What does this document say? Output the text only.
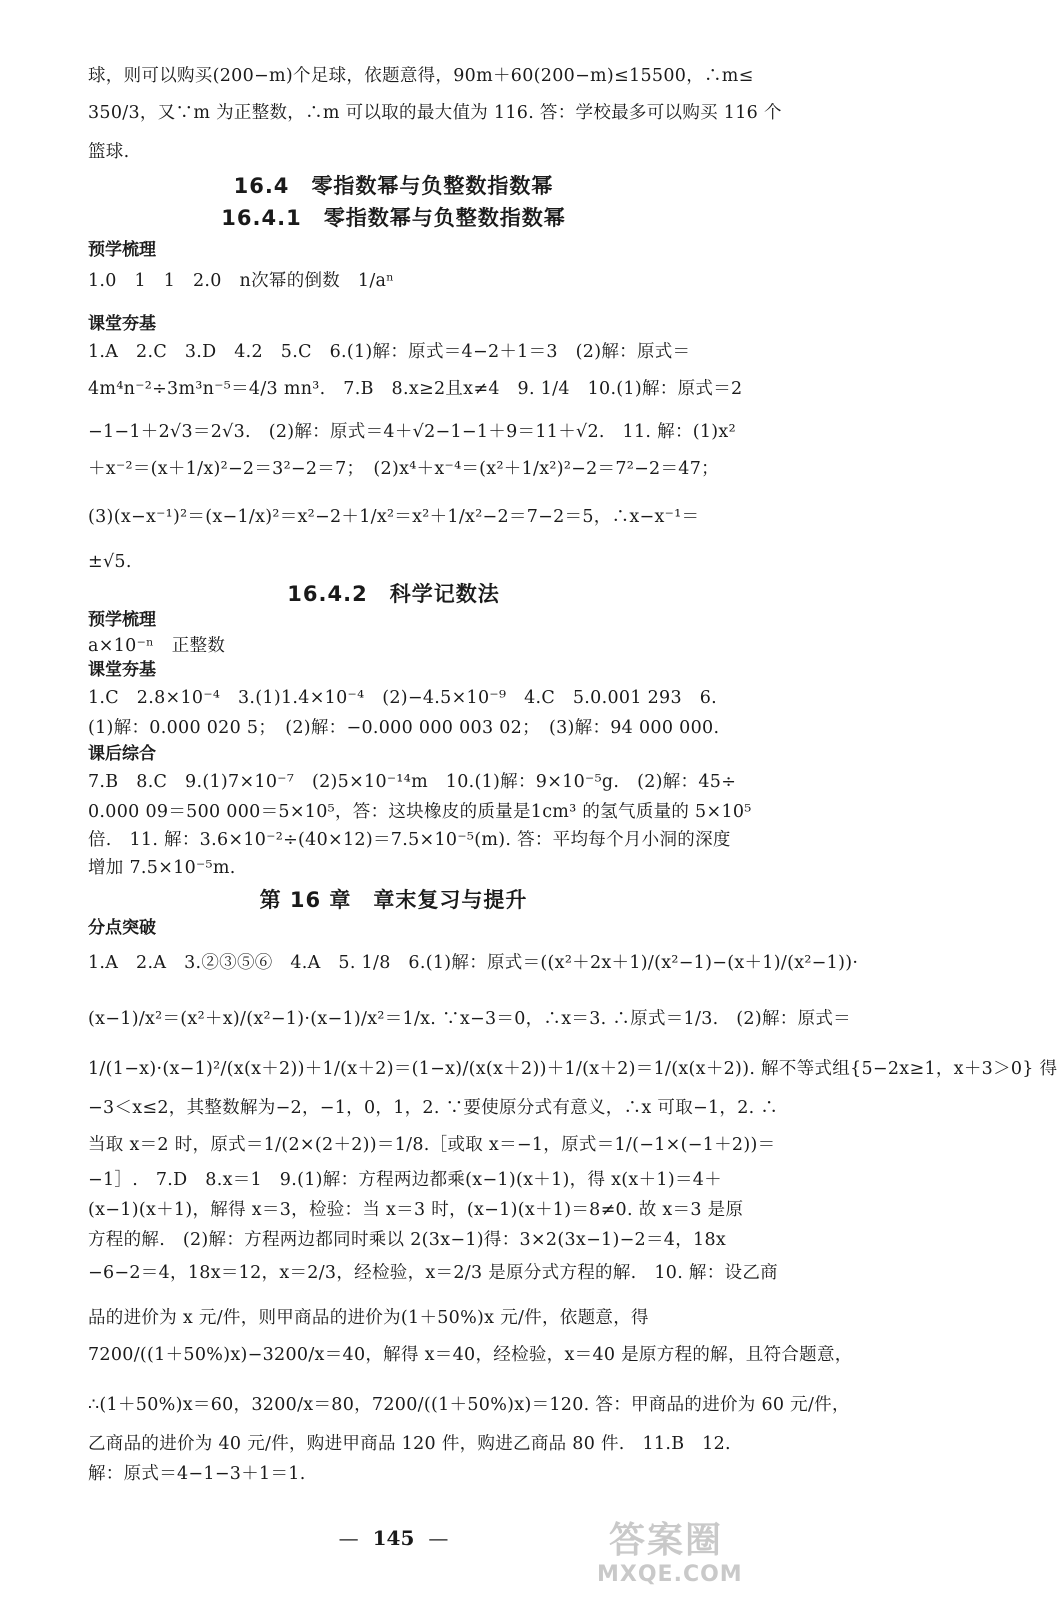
球，则可以购买(200−m)个足球，依题意得，90m＋60(200−m)≤15500，∴m≤
350/3，又∵m 为正整数，∴m 可以取的最大值为 116. 答：学校最多可以购买 116 个
篮球.
16.4　零指数幂与负整数指数幂
16.4.1　零指数幂与负整数指数幂
预学梳理
1.0　1　1　2.0　n次幂的倒数　1/aⁿ
课堂夯基
1.A　2.C　3.D　4.2　5.C　6.(1)解：原式＝4−2＋1＝3　(2)解：原式＝
4m⁴n⁻²÷3m³n⁻⁵＝4/3 mn³.　7.B　8.x≥2且x≠4　9. 1/4　10.(1)解：原式＝2
−1−1＋2√3＝2√3.　(2)解：原式＝4＋√2−1−1＋9＝11＋√2.　11. 解：(1)x²
＋x⁻²＝(x＋1/x)²−2＝3²−2＝7；　(2)x⁴＋x⁻⁴＝(x²＋1/x²)²−2＝7²−2＝47；
(3)(x−x⁻¹)²＝(x−1/x)²＝x²−2＋1/x²＝x²＋1/x²−2＝7−2＝5，∴x−x⁻¹＝
±√5.
16.4.2　科学记数法
预学梳理
a×10⁻ⁿ　正整数
课堂夯基
1.C　2.8×10⁻⁴　3.(1)1.4×10⁻⁴　(2)−4.5×10⁻⁹　4.C　5.0.001 293　6.
(1)解：0.000 020 5；　(2)解：−0.000 000 003 02；　(3)解：94 000 000.
课后综合
7.B　8.C　9.(1)7×10⁻⁷　(2)5×10⁻¹⁴m　10.(1)解：9×10⁻⁵g.　(2)解：45÷
0.000 09＝500 000＝5×10⁵，答：这块橡皮的质量是1cm³ 的氢气质量的 5×10⁵
倍.　11. 解：3.6×10⁻²÷(40×12)＝7.5×10⁻⁵(m). 答：平均每个月小洞的深度
增加 7.5×10⁻⁵m.
第 16 章　章末复习与提升
分点突破
1.A　2.A　3.②③⑤⑥　4.A　5. 1/8　6.(1)解：原式＝((x²＋2x＋1)/(x²−1)−(x＋1)/(x²−1))·
(x−1)/x²＝(x²＋x)/(x²−1)·(x−1)/x²＝1/x. ∵x−3＝0，∴x＝3. ∴原式＝1/3.　(2)解：原式＝
1/(1−x)·(x−1)²/(x(x＋2))＋1/(x＋2)＝(1−x)/(x(x＋2))＋1/(x＋2)＝1/(x(x＋2)). 解不等式组{5−2x≥1，x＋3＞0} 得
−3＜x≤2，其整数解为−2，−1，0，1，2. ∵要使原分式有意义，∴x 可取−1，2. ∴
当取 x＝2 时，原式＝1/(2×(2＋2))＝1/8.［或取 x＝−1，原式＝1/(−1×(−1＋2))＝
−1］.　7.D　8.x＝1　9.(1)解：方程两边都乘(x−1)(x＋1)，得 x(x＋1)＝4＋
(x−1)(x＋1)，解得 x＝3，检验：当 x＝3 时，(x−1)(x＋1)＝8≠0. 故 x＝3 是原
方程的解.　(2)解：方程两边都同时乘以 2(3x−1)得：3×2(3x−1)−2＝4，18x
−6−2＝4，18x＝12，x＝2/3，经检验，x＝2/3 是原分式方程的解.　10. 解：设乙商
品的进价为 x 元/件，则甲商品的进价为(1＋50%)x 元/件，依题意，得
7200/((1＋50%)x)−3200/x＝40，解得 x＝40，经检验，x＝40 是原方程的解，且符合题意，
∴(1＋50%)x＝60，3200/x＝80，7200/((1＋50%)x)＝120. 答：甲商品的进价为 60 元/件，
乙商品的进价为 40 元/件，购进甲商品 120 件，购进乙商品 80 件.　11.B　12.
解：原式＝4−1−3＋1＝1.
— 145 —	答案圈
MXQE.COM
